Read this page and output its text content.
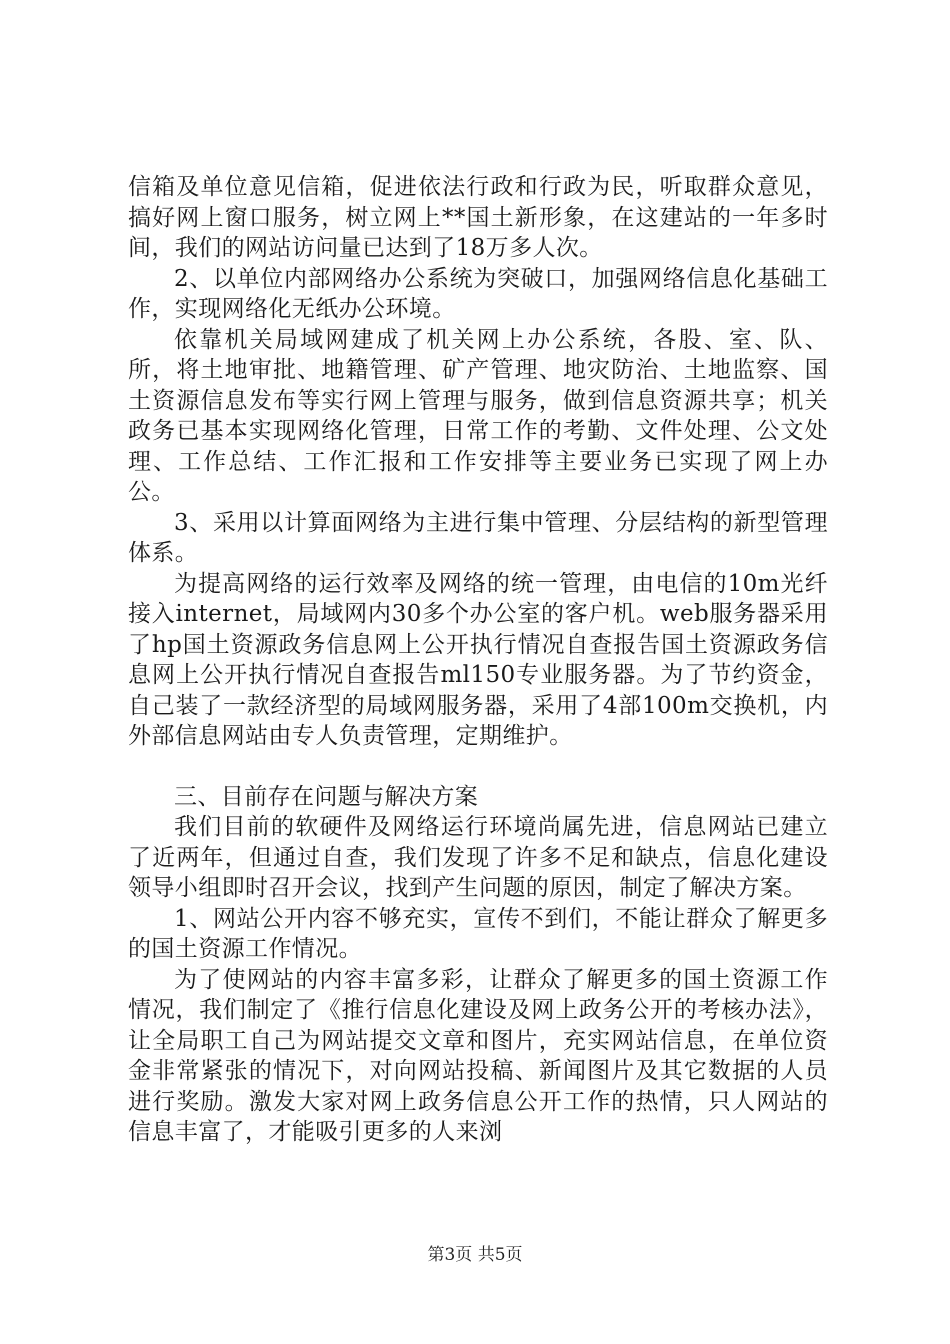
信箱及单位意见信箱，促进依法行政和行政为民，听取群众意见，搞好网上窗口服务，树立网上**国土新形象，在这建站的一年多时间，我们的网站访问量已达到了18万多人次。

2、以单位内部网络办公系统为突破口，加强网络信息化基础工作，实现网络化无纸办公环境。

依靠机关局域网建成了机关网上办公系统，各股、室、队、所，将土地审批、地籍管理、矿产管理、地灾防治、土地监察、国土资源信息发布等实行网上管理与服务，做到信息资源共享；机关政务已基本实现网络化管理，日常工作的考勤、文件处理、公文处理、工作总结、工作汇报和工作安排等主要业务已实现了网上办公。

3、采用以计算面网络为主进行集中管理、分层结构的新型管理体系。

为提高网络的运行效率及网络的统一管理，由电信的10m光纤接入internet，局域网内30多个办公室的客户机。web服务器采用了hp国土资源政务信息网上公开执行情况自查报告国土资源政务信息网上公开执行情况自查报告ml150专业服务器。为了节约资金，自己装了一款经济型的局域网服务器，采用了4部100m交换机，内外部信息网站由专人负责管理，定期维护。

三、目前存在问题与解决方案

我们目前的软硬件及网络运行环境尚属先进，信息网站已建立了近两年，但通过自查，我们发现了许多不足和缺点，信息化建设领导小组即时召开会议，找到产生问题的原因，制定了解决方案。

1、网站公开内容不够充实，宣传不到们，不能让群众了解更多的国土资源工作情况。

为了使网站的内容丰富多彩，让群众了解更多的国土资源工作情况，我们制定了《推行信息化建设及网上政务公开的考核办法》，让全局职工自己为网站提交文章和图片，充实网站信息，在单位资金非常紧张的情况下，对向网站投稿、新闻图片及其它数据的人员进行奖励。激发大家对网上政务信息公开工作的热情，只人网站的信息丰富了，才能吸引更多的人来浏

第3页 共5页
